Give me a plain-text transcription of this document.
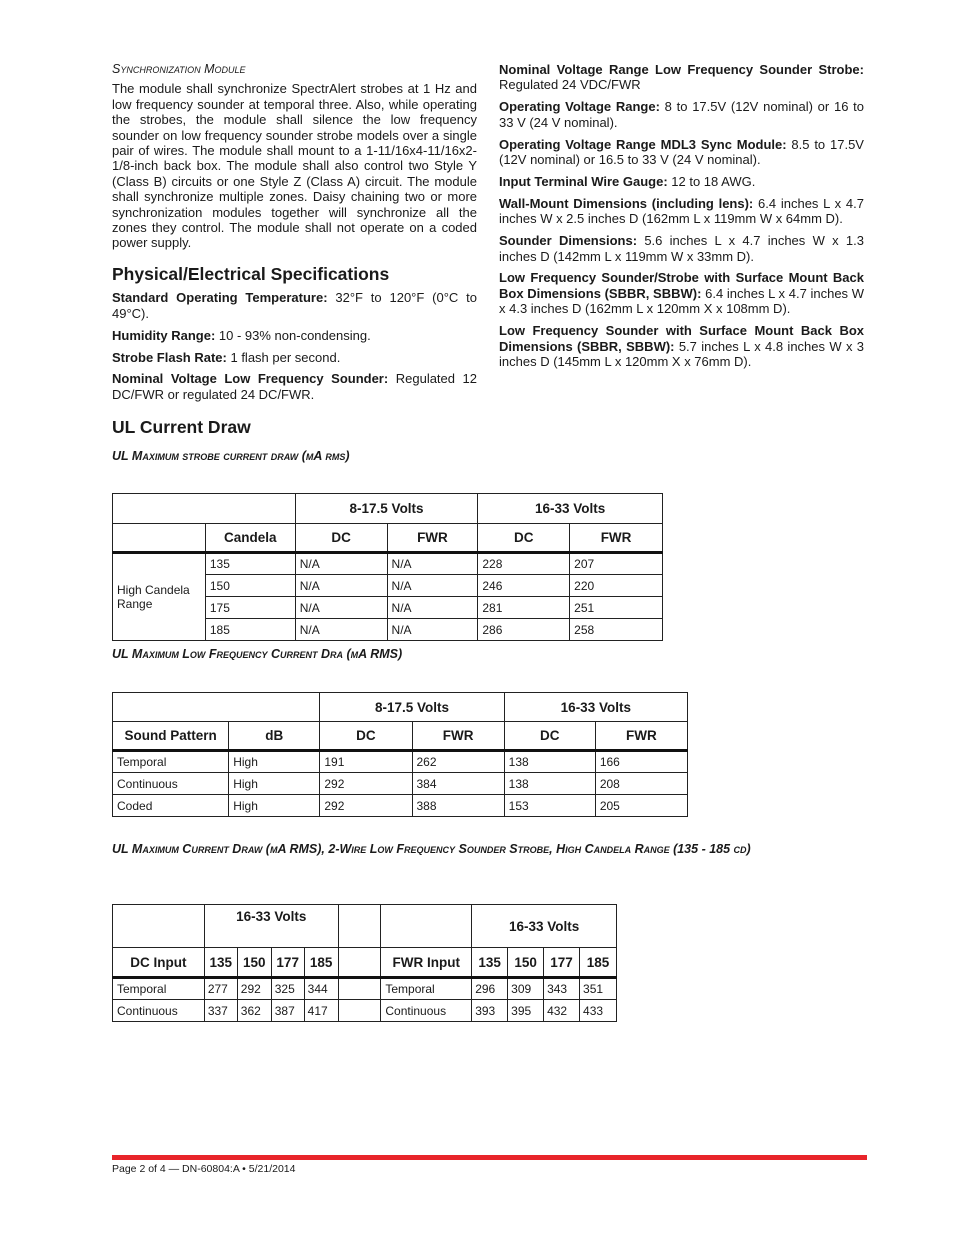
Synchronization Module

The module shall synchronize SpectrAlert strobes at 1 Hz and low frequency sounder at temporal three. Also, while operating the strobes, the module shall silence the low frequency sounder on low frequency sounder strobe models over a single pair of wires. The module shall mount to a 1-11/16x4-11/16x2-1/8-inch back box. The module shall also control two Style Y (Class B) circuits or one Style Z (Class A) circuit. The module shall synchronize multiple zones. Daisy chaining two or more synchronization modules together will synchronize all the zones they control. The module shall not operate on a coded power supply.

Physical/Electrical Specifications

Standard Operating Temperature: 32°F to 120°F (0°C to 49°C).

Humidity Range: 10 - 93% non-condensing.

Strobe Flash Rate: 1 flash per second.

Nominal Voltage Low Frequency Sounder: Regulated 12 DC/FWR or regulated 24 DC/FWR.

Nominal Voltage Range Low Frequency Sounder Strobe: Regulated 24 VDC/FWR

Operating Voltage Range: 8 to 17.5V (12V nominal) or 16 to 33 V (24 V nominal).

Operating Voltage Range MDL3 Sync Module: 8.5 to 17.5V (12V nominal) or 16.5 to 33 V (24 V nominal).

Input Terminal Wire Gauge: 12 to 18 AWG.

Wall-Mount Dimensions (including lens): 6.4 inches L x 4.7 inches W x 2.5 inches D (162mm L x 119mm W x 64mm D).

Sounder Dimensions: 5.6 inches L x 4.7 inches W x 1.3 inches D (142mm L x 119mm W x 33mm D).

Low Frequency Sounder/Strobe with Surface Mount Back Box Dimensions (SBBR, SBBW): 6.4 inches L x 4.7 inches W x 4.3 inches D (162mm L x 120mm X x 108mm D).

Low Frequency Sounder with Surface Mount Back Box Dimensions (SBBR, SBBW): 5.7 inches L x 4.8 inches W x 3 inches D (145mm L x 120mm X x 76mm D).

UL Current Draw
UL Maximum strobe current draw (mA rms)
		8-17.5 Volts		16-33 Volts	
	Candela	DC	FWR	DC	FWR
High Candela Range	135	N/A	N/A	228	207
	150	N/A	N/A	246	220
	175	N/A	N/A	281	251
	185	N/A	N/A	286	258
UL Maximum Low Frequency Current Dra (mA RMS)
		8-17.5 Volts		16-33 Volts	
Sound Pattern	dB	DC	FWR	DC	FWR
Temporal	High	191	262	138	166
Continuous	High	292	384	138	208
Coded	High	292	388	153	205
UL Maximum Current Draw (mA RMS), 2-Wire Low Frequency Sounder Strobe, High Candela Range (135 - 185 cd)
	16-33 Volts						16-33 Volts			
DC Input	135	150	177	185		FWR Input	135	150	177	185
Temporal	277	292	325	344		Temporal	296	309	343	351
Continuous	337	362	387	417		Continuous	393	395	432	433
Page 2 of 4 — DN-60804:A • 5/21/2014
